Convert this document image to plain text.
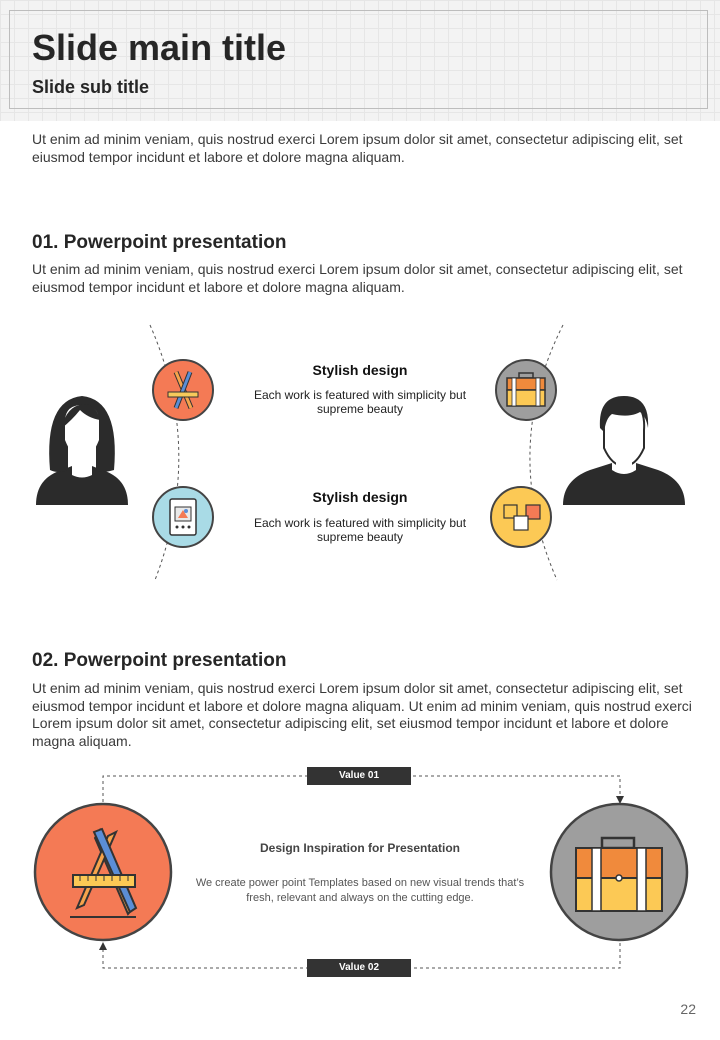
Slide main title
Slide sub title
Ut enim ad minim veniam, quis nostrud exerci Lorem ipsum dolor sit amet, consectetur adipiscing elit, set eiusmod tempor incidunt et labore et dolore magna aliquam.
01. Powerpoint presentation
Ut enim ad minim veniam, quis nostrud exerci Lorem ipsum dolor sit amet, consectetur adipiscing elit, set eiusmod tempor incidunt et labore et dolore magna aliquam.
Stylish design
Each work is featured with simplicity but supreme beauty
Stylish design
Each work is featured with simplicity but supreme beauty
02. Powerpoint presentation
Ut enim ad minim veniam, quis nostrud exerci Lorem ipsum dolor sit amet, consectetur adipiscing elit, set eiusmod tempor incidunt et labore et dolore magna aliquam. Ut enim ad minim veniam, quis nostrud exerci Lorem ipsum dolor sit amet, consectetur adipiscing elit, set eiusmod tempor incidunt et labore et dolore magna aliquam.
Value 01
Value 02
Design Inspiration for Presentation
We create power point Templates based on new visual trends that’s fresh, relevant and always on the cutting edge.
22
